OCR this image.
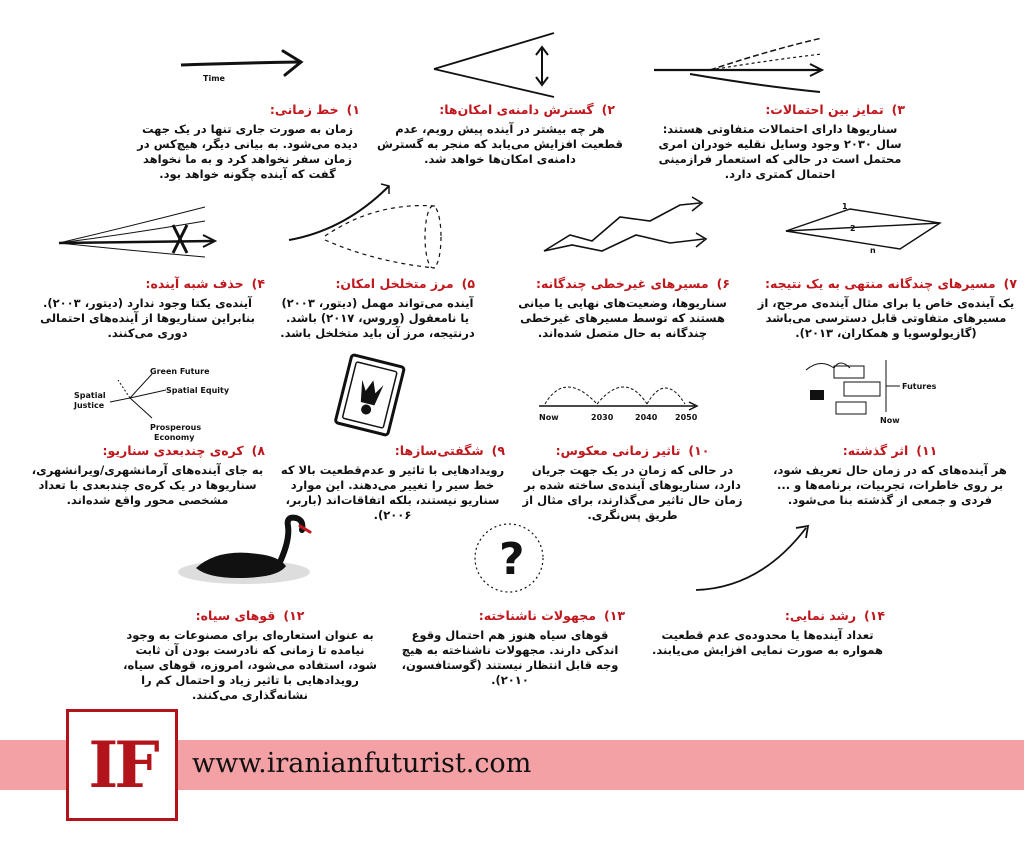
Time
۳)تمایز بین احتمالات:
سناریوها دارای احتمالات متفاوتی هستند: سال ۲۰۳۰ وجود وسایل نقلیه خودران امری محتمل است در حالی که استعمار فرازمینی احتمال کمتری دارد.
۲)گسترش دامنه‌ی امکان‌ها:
هر چه بیشتر در آینده پیش رویم، عدم قطعیت افزایش می‌یابد که منجر به گسترش دامنه‌ی امکان‌ها خواهد شد.
۱)خط زمانی:
زمان به صورت جاری تنها در یک جهت دیده می‌شود. به بیانی دیگر، هیچ‌کس در زمان سفر نخواهد کرد و به ما نخواهد گفت که آینده چگونه خواهد بود.
1
2
n
۷)مسیرهای چندگانه منتهی به یک نتیجه:
یک آینده‌ی خاص یا برای مثال آینده‌ی مرجح، از مسیرهای متفاوتی قابل دسترسی می‌باشد (گازیولوسویا و همکاران، ۲۰۱۳).
۶)مسیرهای غیرخطی چندگانه:
سناریوها، وضعیت‌های نهایی یا میانی هستند که توسط مسیرهای غیرخطی چندگانه به حال متصل شده‌اند.
۵)مرز متخلخل امکان:
آینده می‌تواند مهمل (دیتور، ۲۰۰۳) یا نامعقول (وروس، ۲۰۱۷) باشد. درنتیجه، مرز آن باید متخلخل باشد.
۴)حذف شبه آینده:
آینده‌ی یکتا وجود ندارد (دیتور، ۲۰۰۳). بنابراین سناریوها از آینده‌های احتمالی دوری می‌کنند.
Green Future
Spatial Equity
Spatial
Justice
Prosperous
Economy
Now	2030	2040 2050
Futures
Now
۱۱)اثر گذشته:
هر آینده‌های که در زمان حال تعریف شود، بر روی خاطرات، تجربیات، برنامه‌ها و ... فردی و جمعی از گذشته بنا می‌شود.
۱۰)تاثیر زمانی معکوس:
در حالی که زمان در یک جهت جریان دارد، سناریوهای آینده‌ی ساخته شده بر زمان حال تاثیر می‌گذارند، برای مثال از طریق پس‌نگری.
۹)شگفتی‌سازها:
رویدادهایی با تاثیر و عدم‌قطعیت بالا که خط سیر را تغییر می‌دهند. این موارد سناریو نیستند، بلکه اتفاقات‌اند (باربر، ۲۰۰۶).
۸)کره‌ی چندبعدی سناریو:
به جای آینده‌های آرمانشهری/ویرانشهری، سناریوها در یک کره‌ی چندبعدی با تعداد مشخصی محور واقع شده‌اند.
?
۱۴)رشد نمایی:
تعداد آینده‌ها یا محدوده‌ی عدم قطعیت همواره به صورت نمایی افزایش می‌یابند.
۱۳)مجهولات ناشناخته:
قوهای سیاه هنوز هم احتمال وقوع اندکی دارند. مجهولات ناشناخته به هیچ وجه قابل انتظار نیستند (گوستافسون، ۲۰۱۰).
۱۲)قوهای سیاه:
به عنوان استعاره‌ای برای مصنوعات به وجود نیامده تا زمانی که نادرست بودن آن ثابت شود، استفاده می‌شود، امروزه، قوهای سیاه، رویدادهایی با تاثیر زیاد و احتمال کم را نشانه‌گذاری می‌کنند.
IF	www.iranianfuturist.com
